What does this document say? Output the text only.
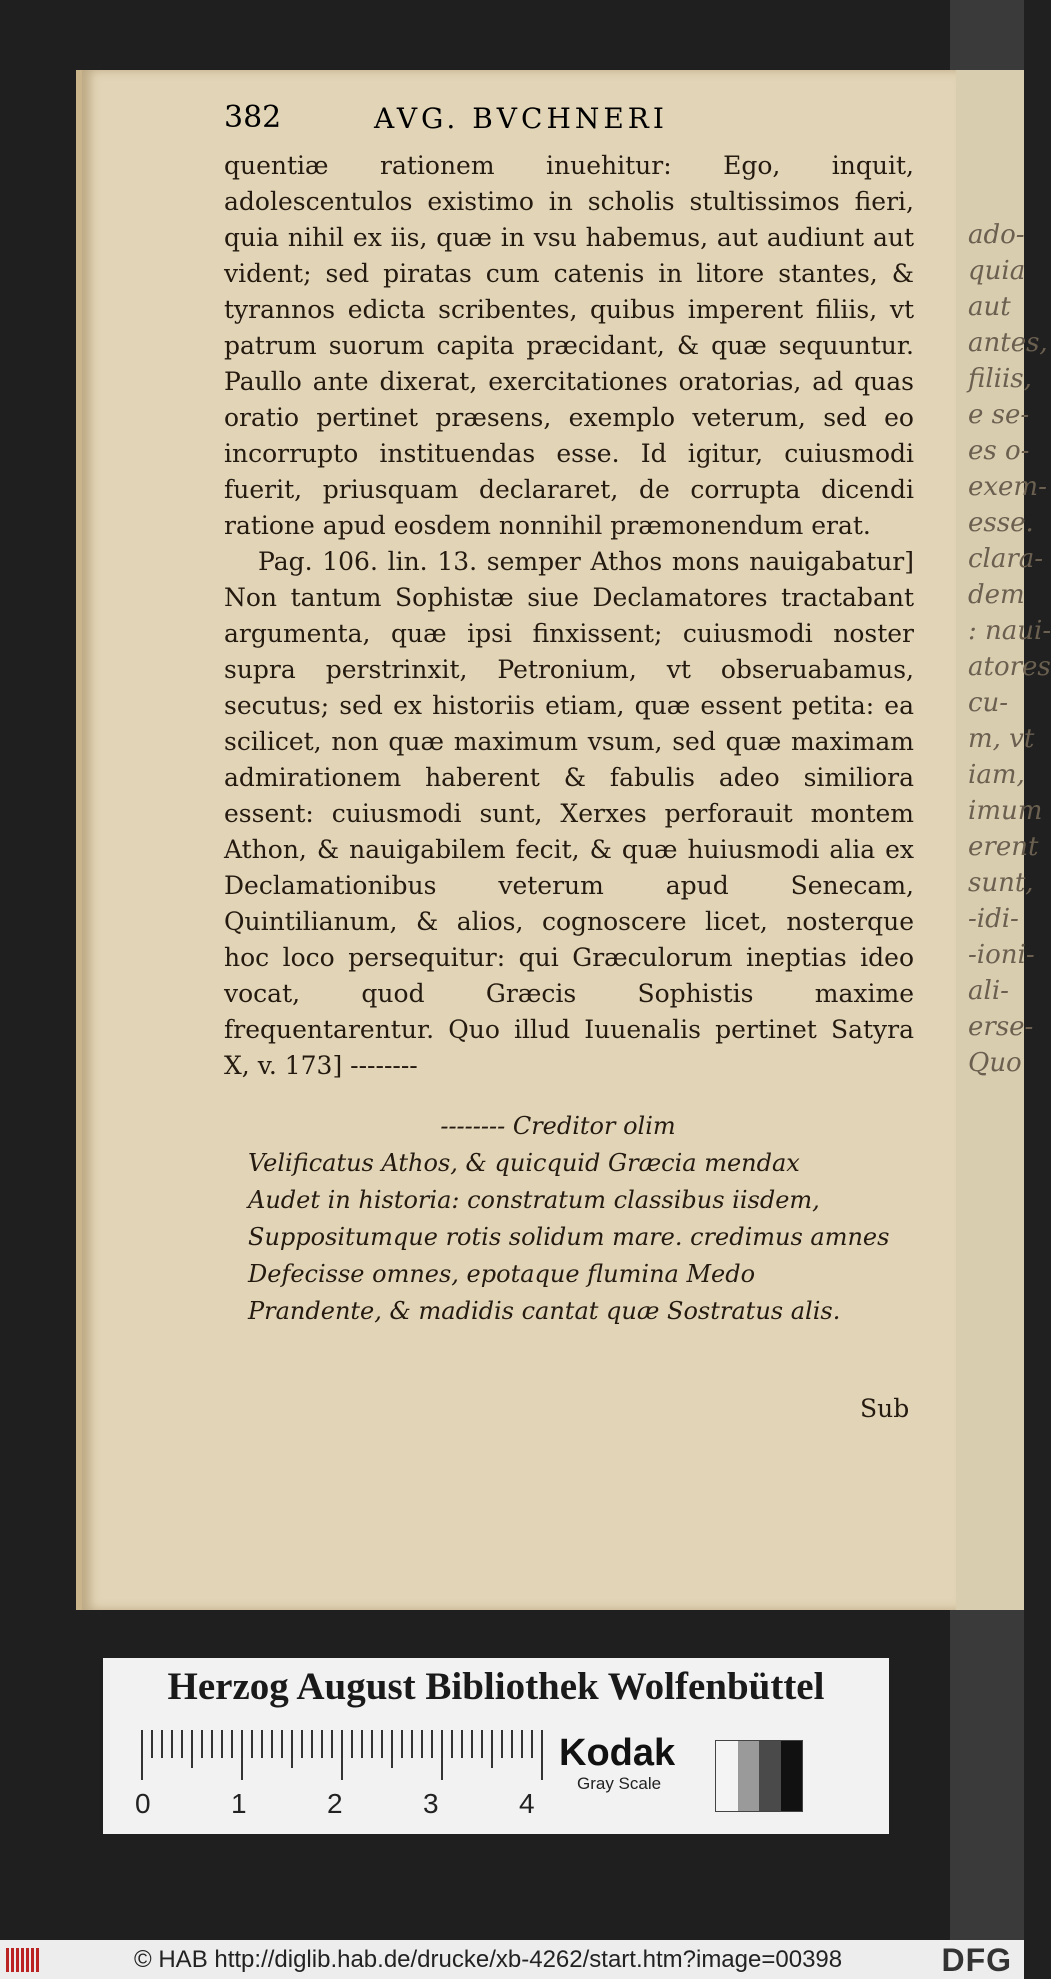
ado-
quia
aut
antes,
filiis,
e se-
es o-
exem-
esse.
clara-
dem
: naui-
atores
cu-
m, vt
iam,
imum
erent
sunt,
-idi-
-ioni-
ali-
erse-
Quo
382	AVG. BVCHNERI

quentiæ rationem inuehitur: Ego, inquit, adolescentulos existimo in scholis stultissimos fieri, quia nihil ex iis, quæ in vsu habemus, aut audiunt aut vident; sed piratas cum catenis in litore stantes, & tyrannos edicta scribentes, quibus imperent filiis, vt patrum suorum capita præcidant, & quæ sequuntur. Paullo ante dixerat, exercitationes oratorias, ad quas oratio pertinet præsens, exemplo veterum, sed eo incorrupto instituendas esse. Id igitur, cuiusmodi fuerit, priusquam declararet, de corrupta dicendi ratione apud eosdem nonnihil præmonendum erat.

Pag. 106. lin. 13. semper Athos mons nauigabatur] Non tantum Sophistæ siue Declamatores tractabant argumenta, quæ ipsi finxissent; cuiusmodi noster supra perstrinxit, Petronium, vt obseruabamus, secutus; sed ex historiis etiam, quæ essent petita: ea scilicet, non quæ maximum vsum, sed quæ maximam admirationem haberent & fabulis adeo similiora essent: cuiusmodi sunt, Xerxes perforauit montem Athon, & nauigabilem fecit, & quæ huiusmodi alia ex Declamationibus veterum apud Senecam, Quintilianum, & alios, cognoscere licet, nosterque hoc loco persequitur: qui Græculorum ineptias ideo vocat, quod Græcis Sophistis maxime frequentarentur. Quo illud Iuuenalis pertinet Satyra X, v. 173] --------

-------- Creditor olim
Velificatus Athos, & quicquid Græcia mendax
Audet in historia: constratum classibus iisdem,
Suppositumque rotis solidum mare. credimus amnes
Defecisse omnes, epotaque flumina Medo
Prandente, & madidis cantat quæ Sostratus alis.
Sub
Herzog August Bibliothek Wolfenbüttel
0	1	2	3	4
Kodak
Gray Scale
© HAB http://diglib.hab.de/drucke/xb-4262/start.htm?image=00398	DFG
